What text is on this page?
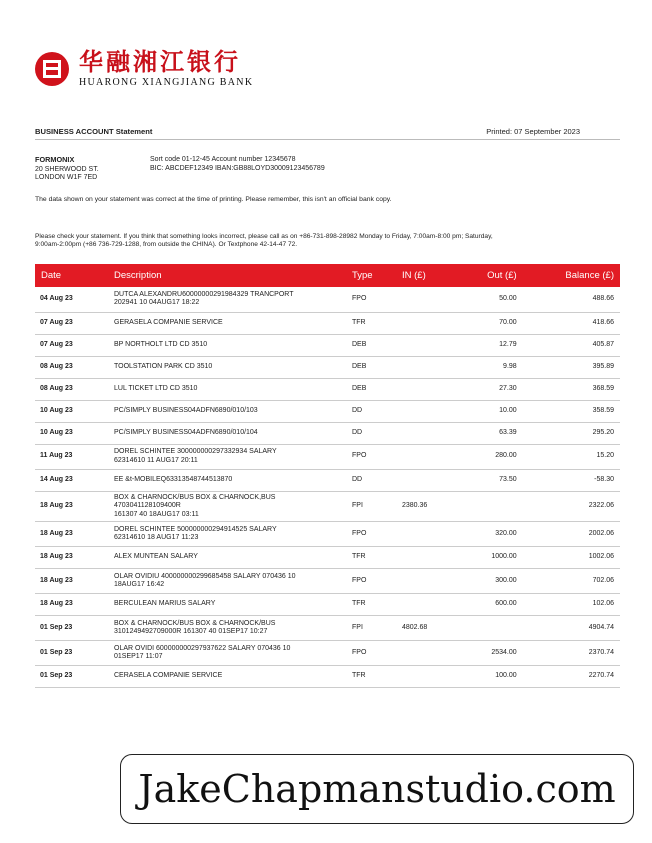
华融湘江银行
HUARONG XIANGJIANG BANK
BUSINESS ACCOUNT Statement	Printed: 07 September 2023
FORMONIX
20 SHERWOOD ST.
LONDON W1F 7ED
Sort code 01-12-45 Account number 12345678
BIC: ABCDEF12349 IBAN:GB88LOYD30009123456789
The data shown on your statement was correct at the time of printing. Please remember, this isn't an official bank copy.
Please check your statement. If you think that something looks incorrect, please call as on +86-731-898-28982 Monday to Friday, 7:00am-8:00 pm; Saturday, 9:00am-2:00pm (+86 736-729-1288, from outside the CHINA). Or Textphone 42-14-47 72.
Date	Description	Type	IN (£)	Out (£)	Balance (£)
04 Aug 23	DUTCA ALEXANDRU60000000291984329 TRANCPORT
202941 10 04AUG17 18:22	FPO		50.00	488.66
07 Aug 23	GERASELA COMPANIE SERVICE	TFR		70.00	418.66
07 Aug 23	BP NORTHOLT LTD CD 3510	DEB		12.79	405.87
08 Aug 23	TOOLSTATION PARK CD 3510	DEB		9.98	395.89
08 Aug 23	LUL TICKET LTD CD 3510	DEB		27.30	368.59
10 Aug 23	PC/SIMPLY BUSINESS04ADFN6890/010/103	DD		10.00	358.59
10 Aug 23	PC/SIMPLY BUSINESS04ADFN6890/010/104	DD		63.39	295.20
11 Aug 23	DOREL SCHINTEE 300000000297332934 SALARY
62314610 11 AUG17 20:11	FPO		280.00	15.20
14 Aug 23	EE &t-MOBILEQ63313548744513870	DD		73.50	-58.30
18 Aug 23	BOX & CHARNOCK/BUS BOX & CHARNOCK,BUS 4703041128109400R
161307 40 18AUG17 03:11	FPI	2380.36		2322.06
18 Aug 23	DOREL SCHINTEE 500000000294914525 SALARY
62314610 18 AUG17 11:23	FPO		320.00	2002.06
18 Aug 23	ALEX MUNTEAN SALARY	TFR		1000.00	1002.06
18 Aug 23	OLAR OVIDIU 400000000299685458 SALARY 070436 10
18AUG17 16:42	FPO		300.00	702.06
18 Aug 23	BERCULEAN MARIUS SALARY	TFR		600.00	102.06
01 Sep 23	BOX & CHARNOCK/BUS BOX & CHARNOCK/BUS
3101249492709000R 161307 40 01SEP17 10:27	FPI	4802.68		4904.74
01 Sep 23	OLAR OVIDI 600000000297937622 SALARY 070436 10
01SEP17 11:07	FPO		2534.00	2370.74
01 Sep 23	CERASELA COMPANIE SERVICE	TFR		100.00	2270.74
JakeChapmanstudio.com
